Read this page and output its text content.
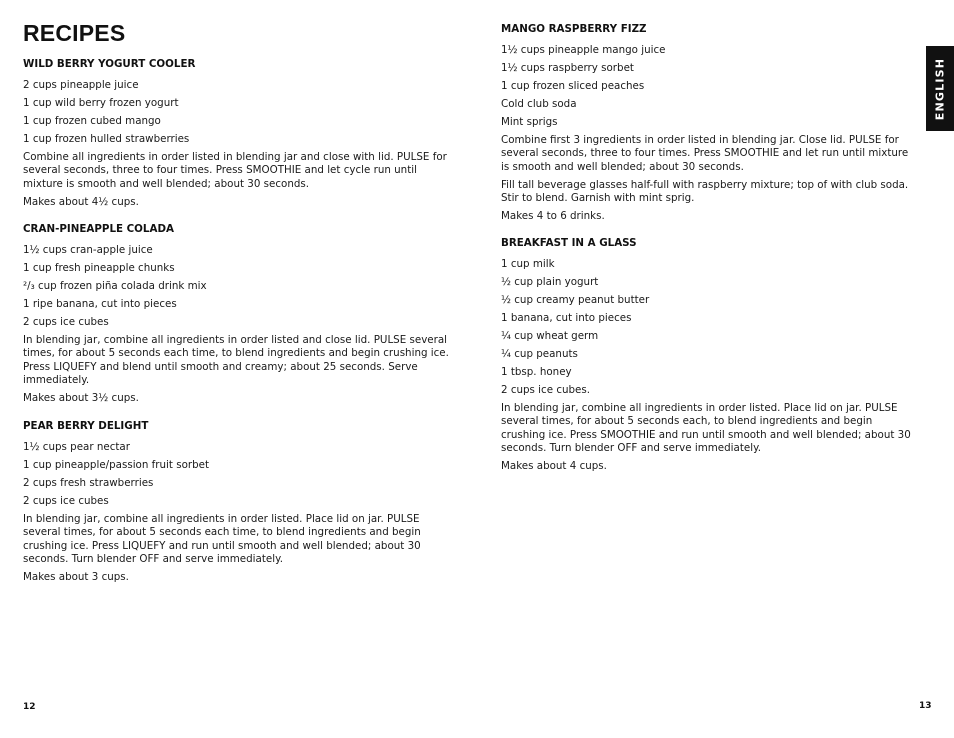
RECIPES
WILD BERRY YOGURT COOLER
2 cups pineapple juice
1 cup wild berry frozen yogurt
1 cup frozen cubed mango
1 cup frozen hulled strawberries
Combine all ingredients in order listed in blending jar and close with lid. PULSE for several seconds, three to four times. Press SMOOTHIE and let cycle run until mixture is smooth and well blended; about 30 seconds.
Makes about 4½ cups.
CRAN-PINEAPPLE COLADA
1½ cups cran-apple juice
1 cup fresh pineapple chunks
²/₃ cup frozen piña colada drink mix
1 ripe banana, cut into pieces
2 cups ice cubes
In blending jar, combine all ingredients in order listed and close lid. PULSE several times, for about 5 seconds each time, to blend ingredients and begin crushing ice. Press LIQUEFY and blend until smooth and creamy; about 25 seconds. Serve immediately.
Makes about 3½ cups.
PEAR BERRY DELIGHT
1½ cups pear nectar
1 cup pineapple/passion fruit sorbet
2 cups fresh strawberries
2 cups ice cubes
In blending jar, combine all ingredients in order listed. Place lid on jar. PULSE several times, for about 5 seconds each time, to blend ingredients and begin crushing ice. Press LIQUEFY and run until smooth and well blended; about 30 seconds. Turn blender OFF and serve immediately.
Makes about 3 cups.
MANGO RASPBERRY FIZZ
1½ cups pineapple mango juice
1½ cups raspberry sorbet
1 cup frozen sliced peaches
Cold club soda
Mint sprigs
Combine first 3 ingredients in order listed in blending jar. Close lid. PULSE for several seconds, three to four times. Press SMOOTHIE and let run until mixture is smooth and well blended; about 30 seconds.
Fill tall beverage glasses half-full with raspberry mixture; top of with club soda. Stir to blend. Garnish with mint sprig.
Makes 4 to 6 drinks.
BREAKFAST IN A GLASS
1 cup milk
½ cup plain yogurt
½ cup creamy peanut butter
1 banana, cut into pieces
¼ cup wheat germ
¼ cup peanuts
1 tbsp. honey
2 cups ice cubes.
In blending jar, combine all ingredients in order listed. Place lid on jar. PULSE several times, for about 5 seconds each, to blend ingredients and begin crushing ice. Press SMOOTHIE and run until smooth and well blended; about 30 seconds. Turn blender OFF and serve immediately.
Makes about 4 cups.
ENGLISH
12	13
